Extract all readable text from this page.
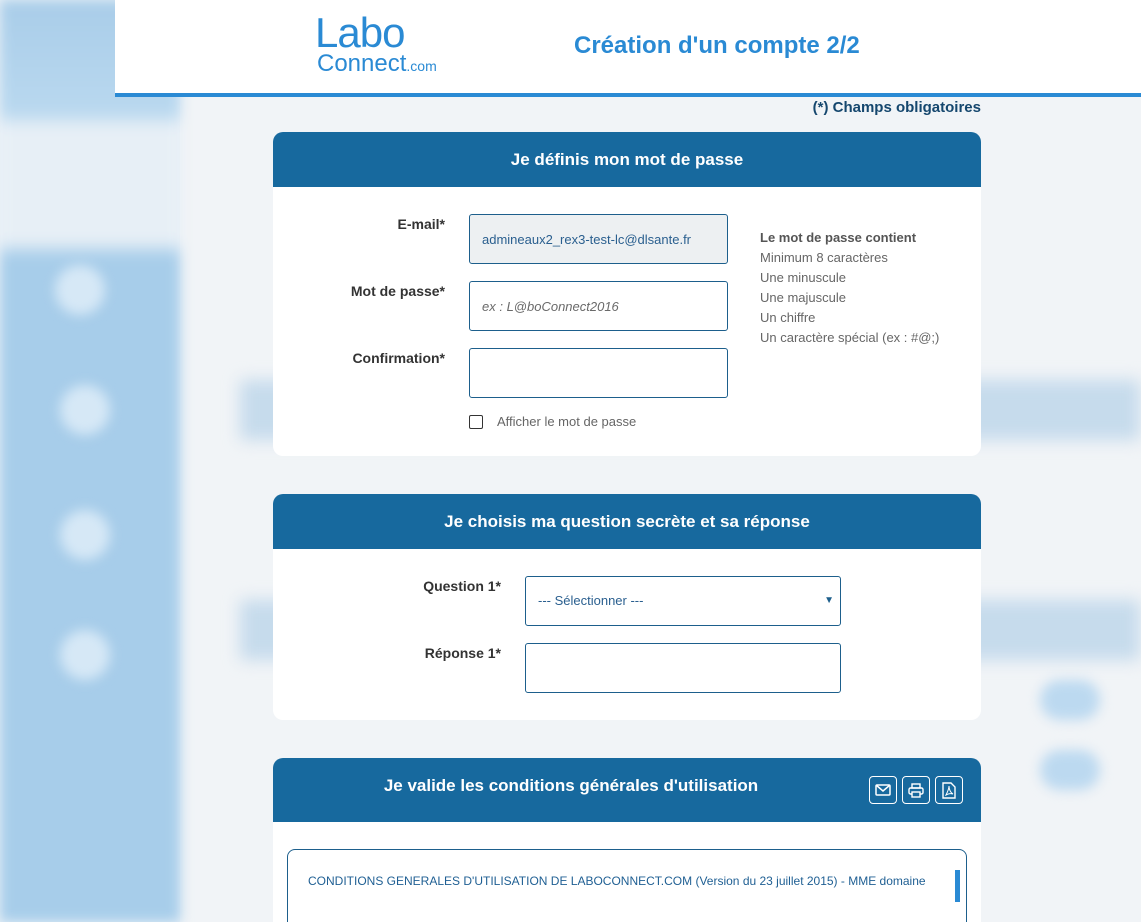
Labo
Connect.com
Création d'un compte 2/2
(*) Champs obligatoires
Je définis mon mot de passe
E-mail*
admineaux2_rex3-test-lc@dlsante.fr
Mot de passe*
Confirmation*
Afficher le mot de passe
Le mot de passe contient
Minimum 8 caractères
Une minuscule
Une majuscule
Un chiffre
Un caractère spécial (ex : #@;)
Je choisis ma question secrète et sa réponse
Question 1*
--- Sélectionner ---	▼
Réponse 1*
Je valide les conditions générales d'utilisation
CONDITIONS GENERALES D'UTILISATION DE LABOCONNECT.COM (Version du 23 juillet 2015) - MME domaine
